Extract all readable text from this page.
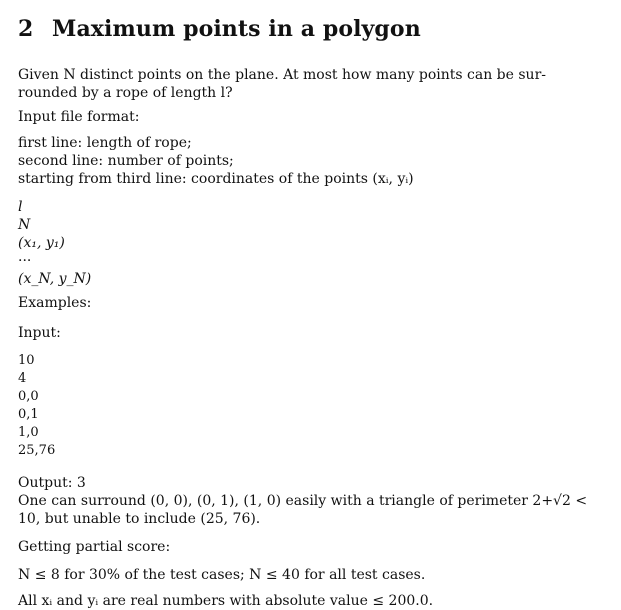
2 Maximum points in a polygon

Given N distinct points on the plane. At most how many points can be sur-

rounded by a rope of length l?

Input file format:

first line: length of rope;

second line: number of points;

starting from third line: coordinates of the points (xᵢ, yᵢ)

l

N

(x₁, y₁)

···

(x_N, y_N)

Examples:

Input:

10

4

0,0

0,1

1,0

25,76

Output: 3

One can surround (0, 0), (0, 1), (1, 0) easily with a triangle of perimeter 2+√2 <

10, but unable to include (25, 76).

Getting partial score:

N ≤ 8 for 30% of the test cases; N ≤ 40 for all test cases.

All xᵢ and yᵢ are real numbers with absolute value ≤ 200.0.
